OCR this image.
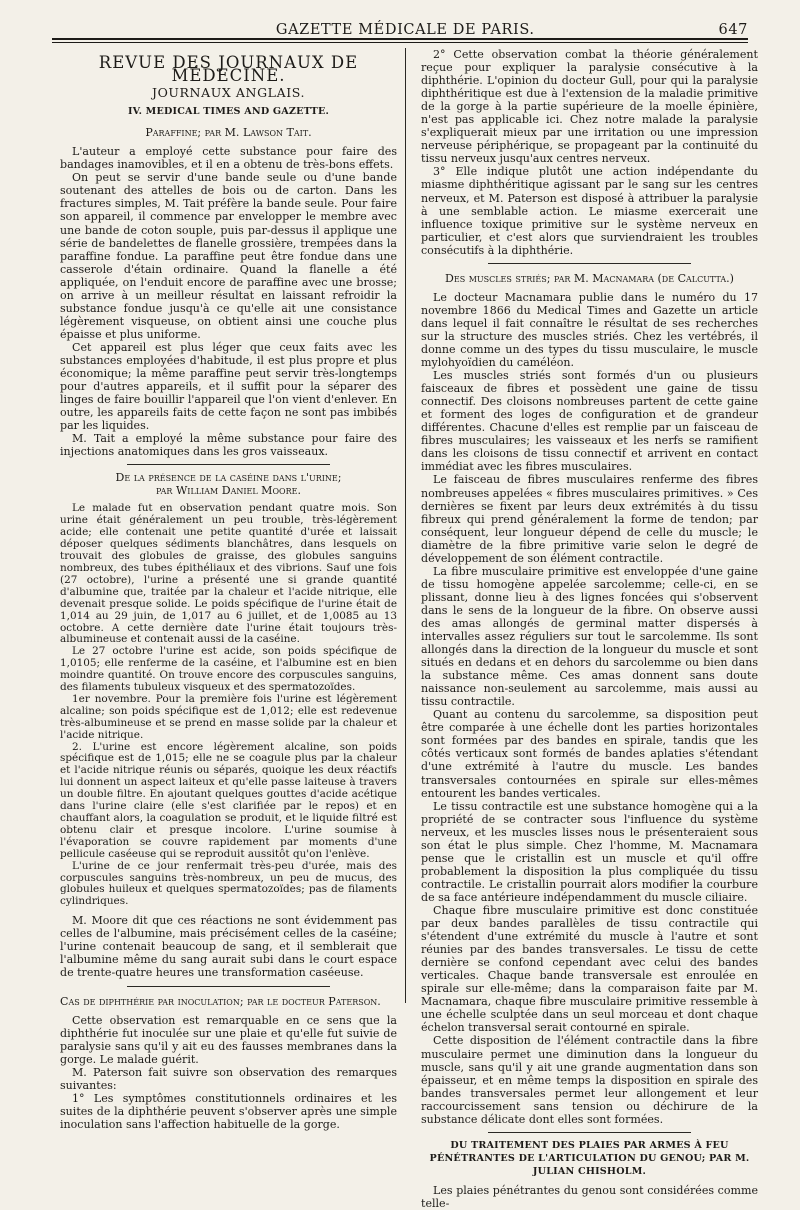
GAZETTE MÉDICALE DE PARIS.	647
REVUE DES JOURNAUX DE MÉDECINE.
JOURNAUX ANGLAIS.
IV. MEDICAL TIMES AND GAZETTE.

Paraffine; par M. Lawson Tait.

L'auteur a employé cette substance pour faire des bandages inamovibles, et il en a obtenu de très-bons effets.

On peut se servir d'une bande seule ou d'une bande soutenant des attelles de bois ou de carton. Dans les fractures simples, M. Tait préfère la bande seule. Pour faire son appareil, il commence par envelopper le membre avec une bande de coton souple, puis par-dessus il applique une série de bandelettes de flanelle grossière, trempées dans la paraffine fondue. La paraffine peut être fondue dans une casserole d'étain ordinaire. Quand la flanelle a été appliquée, on l'enduit encore de paraffine avec une brosse; on arrive à un meilleur résultat en laissant refroidir la substance fondue jusqu'à ce qu'elle ait une consistance légèrement visqueuse, on obtient ainsi une couche plus épaisse et plus uniforme.

Cet appareil est plus léger que ceux faits avec les substances employées d'habitude, il est plus propre et plus économique; la même paraffine peut servir très-longtemps pour d'autres appareils, et il suffit pour la séparer des linges de faire bouillir l'appareil que l'on vient d'enlever. En outre, les appareils faits de cette façon ne sont pas imbibés par les liquides.

M. Tait a employé la même substance pour faire des injections anatomiques dans les gros vaisseaux.

De la présence de la caséine dans l'urine;

par William Daniel Moore.

Le malade fut en observation pendant quatre mois. Son urine était généralement un peu trouble, très-légèrement acide; elle contenait une petite quantité d'urée et laissait déposer quelques sédiments blanchâtres, dans lesquels on trouvait des globules de graisse, des globules sanguins nombreux, des tubes épithéliaux et des vibrions. Sauf une fois (27 octobre), l'urine a présenté une si grande quantité d'albumine que, traitée par la chaleur et l'acide nitrique, elle devenait presque solide. Le poids spécifique de l'urine était de 1,014 au 29 juin, de 1,017 au 6 juillet, et de 1,0085 au 13 octobre. A cette dernière date l'urine était toujours très-albumineuse et contenait aussi de la caséine.

Le 27 octobre l'urine est acide, son poids spécifique de 1,0105; elle renferme de la caséine, et l'albumine est en bien moindre quantité. On trouve encore des corpuscules sanguins, des filaments tubuleux visqueux et des spermatozoïdes.

1er novembre. Pour la première fois l'urine est légèrement alcaline; son poids spécifique est de 1,012; elle est redevenue très-albumineuse et se prend en masse solide par la chaleur et l'acide nitrique.

2. L'urine est encore légèrement alcaline, son poids spécifique est de 1,015; elle ne se coagule plus par la chaleur et l'acide nitrique réunis ou séparés, quoique les deux réactifs lui donnent un aspect laiteux et qu'elle passe laiteuse à travers un double filtre. En ajoutant quelques gouttes d'acide acétique dans l'urine claire (elle s'est clarifiée par le repos) et en chauffant alors, la coagulation se produit, et le liquide filtré est obtenu clair et presque incolore. L'urine soumise à l'évaporation se couvre rapidement par moments d'une pellicule caséeuse qui se reproduit aussitôt qu'on l'enlève.

L'urine de ce jour renfermait très-peu d'urée, mais des corpuscules sanguins très-nombreux, un peu de mucus, des globules huileux et quelques spermatozoïdes; pas de filaments cylindriques.

M. Moore dit que ces réactions ne sont évidemment pas celles de l'albumine, mais précisément celles de la caséine; l'urine contenait beaucoup de sang, et il semblerait que l'albumine même du sang aurait subi dans le court espace de trente-quatre heures une transformation caséeuse.

Cas de diphthérie par inoculation; par le docteur Paterson.

Cette observation est remarquable en ce sens que la diphthérie fut inoculée sur une plaie et qu'elle fut suivie de paralysie sans qu'il y ait eu des fausses membranes dans la gorge. Le malade guérit.

M. Paterson fait suivre son observation des remarques suivantes:

1° Les symptômes constitutionnels ordinaires et les suites de la diphthérie peuvent s'observer après une simple inoculation sans l'affection habituelle de la gorge.

2° Cette observation combat la théorie généralement reçue pour expliquer la paralysie consécutive à la diphthérie. L'opinion du docteur Gull, pour qui la paralysie diphthéritique est due à l'extension de la maladie primitive de la gorge à la partie supérieure de la moelle épinière, n'est pas applicable ici. Chez notre malade la paralysie s'expliquerait mieux par une irritation ou une impression nerveuse périphérique, se propageant par la continuité du tissu nerveux jusqu'aux centres nerveux.

3° Elle indique plutôt une action indépendante du miasme diphthéritique agissant par le sang sur les centres nerveux, et M. Paterson est disposé à attribuer la paralysie à une semblable action. Le miasme exercerait une influence toxique primitive sur le système nerveux en particulier, et c'est alors que surviendraient les troubles consécutifs à la diphthérie.

Des muscles striés; par M. Macnamara (de Calcutta.)

Le docteur Macnamara publie dans le numéro du 17 novembre 1866 du Medical Times and Gazette un article dans lequel il fait connaître le résultat de ses recherches sur la structure des muscles striés. Chez les vertébrés, il donne comme un des types du tissu musculaire, le muscle mylohyoïdien du caméléon.

Les muscles striés sont formés d'un ou plusieurs faisceaux de fibres et possèdent une gaine de tissu connectif. Des cloisons nombreuses partent de cette gaine et forment des loges de configuration et de grandeur différentes. Chacune d'elles est remplie par un faisceau de fibres musculaires; les vaisseaux et les nerfs se ramifient dans les cloisons de tissu connectif et arrivent en contact immédiat avec les fibres musculaires.

Le faisceau de fibres musculaires renferme des fibres nombreuses appelées « fibres musculaires primitives. » Ces dernières se fixent par leurs deux extrémités à du tissu fibreux qui prend généralement la forme de tendon; par conséquent, leur longueur dépend de celle du muscle; le diamètre de la fibre primitive varie selon le degré de développement de son élément contractile.

La fibre musculaire primitive est enveloppée d'une gaine de tissu homogène appelée sarcolemme; celle-ci, en se plissant, donne lieu à des lignes foncées qui s'observent dans le sens de la longueur de la fibre. On observe aussi des amas allongés de germinal matter dispersés à intervalles assez réguliers sur tout le sarcolemme. Ils sont allongés dans la direction de la longueur du muscle et sont situés en dedans et en dehors du sarcolemme ou bien dans la substance même. Ces amas donnent sans doute naissance non-seulement au sarcolemme, mais aussi au tissu contractile.

Quant au contenu du sarcolemme, sa disposition peut être comparée à une échelle dont les parties horizontales sont formées par des bandes en spirale, tandis que les côtés verticaux sont formés de bandes aplaties s'étendant d'une extrémité à l'autre du muscle. Les bandes transversales contournées en spirale sur elles-mêmes entourent les bandes verticales.

Le tissu contractile est une substance homogène qui a la propriété de se contracter sous l'influence du système nerveux, et les muscles lisses nous le présenteraient sous son état le plus simple. Chez l'homme, M. Macnamara pense que le cristallin est un muscle et qu'il offre probablement la disposition la plus compliquée du tissu contractile. Le cristallin pourrait alors modifier la courbure de sa face antérieure indépendamment du muscle ciliaire.

Chaque fibre musculaire primitive est donc constituée par deux bandes parallèles de tissu contractile qui s'étendent d'une extrémité du muscle à l'autre et sont réunies par des bandes transversales. Le tissu de cette dernière se confond cependant avec celui des bandes verticales. Chaque bande transversale est enroulée en spirale sur elle-même; dans la comparaison faite par M. Macnamara, chaque fibre musculaire primitive ressemble à une échelle sculptée dans un seul morceau et dont chaque échelon transversal serait contourné en spirale.

Cette disposition de l'élément contractile dans la fibre musculaire permet une diminution dans la longueur du muscle, sans qu'il y ait une grande augmentation dans son épaisseur, et en même temps la disposition en spirale des bandes transversales permet leur allongement et leur raccourcissement sans tension ou déchirure de la substance délicate dont elles sont formées.

DU TRAITEMENT DES PLAIES PAR ARMES À FEU PÉNÉTRANTES DE L'ARTICULATION DU GENOU; PAR M. JULIAN CHISHOLM.

Les plaies pénétrantes du genou sont considérées comme telle-
